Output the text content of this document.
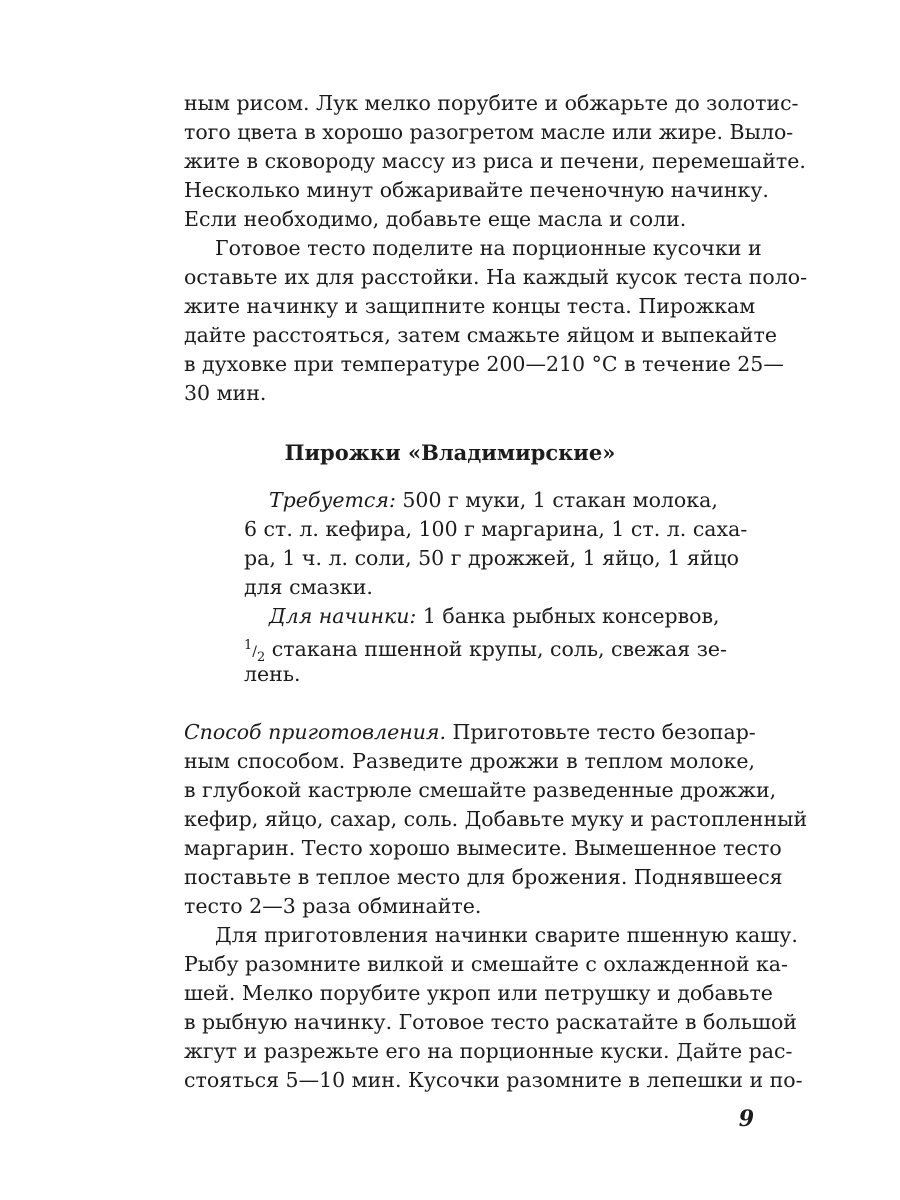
ным рисом. Лук мелко порубите и обжарьте до золотис-
того цвета в хорошо разогретом масле или жире. Выло-
жите в сковороду массу из риса и печени, перемешайте.
Несколько минут обжаривайте печеночную начинку.
Если необходимо, добавьте еще масла и соли.
Готовое тесто поделите на порционные кусочки и
оставьте их для расстойки. На каждый кусок теста поло-
жите начинку и защипните концы теста. Пирожкам
дайте расстояться, затем смажьте яйцом и выпекайте
в духовке при температуре 200—210 °С в течение 25—
30 мин.
Пирожки «Владимирские»
Требуется: 500 г муки, 1 стакан молока,
6 ст. л. кефира, 100 г маргарина, 1 ст. л. саха-
ра, 1 ч. л. соли, 50 г дрожжей, 1 яйцо, 1 яйцо
для смазки.
Для начинки: 1 банка рыбных консервов,
$^1/_2$ стакана пшенной крупы, соль, свежая зе-
лень.
Способ приготовления. Приготовьте тесто безопар-
ным способом. Разведите дрожжи в теплом молоке,
в глубокой кастрюле смешайте разведенные дрожжи,
кефир, яйцо, сахар, соль. Добавьте муку и растопленный
маргарин. Тесто хорошо вымесите. Вымешенное тесто
поставьте в теплое место для брожения. Поднявшееся
тесто 2—3 раза обминайте.
Для приготовления начинки сварите пшенную кашу.
Рыбу разомните вилкой и смешайте с охлажденной ка-
шей. Мелко порубите укроп или петрушку и добавьте
в рыбную начинку. Готовое тесто раскатайте в большой
жгут и разрежьте его на порционные куски. Дайте рас-
стояться 5—10 мин. Кусочки разомните в лепешки и по-
9
